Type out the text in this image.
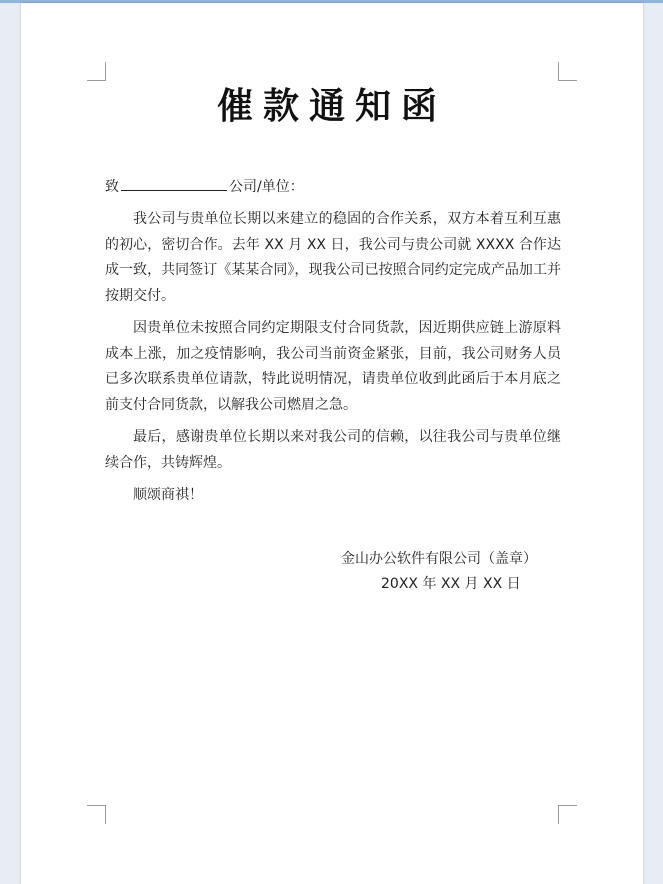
催款通知函
致	公司/单位：

我公司与贵单位长期以来建立的稳固的合作关系，双方本着互利互惠的初心，密切合作。去年 XX 月 XX 日，我公司与贵公司就 XXXX 合作达成一致，共同签订《某某合同》，现我公司已按照合同约定完成产品加工并按期交付。

因贵单位未按照合同约定期限支付合同货款，因近期供应链上游原料成本上涨，加之疫情影响，我公司当前资金紧张，目前，我公司财务人员已多次联系贵单位请款，特此说明情况，请贵单位收到此函后于本月底之前支付合同货款，以解我公司燃眉之急。

最后，感谢贵单位长期以来对我公司的信赖，以往我公司与贵单位继续合作，共铸辉煌。

顺颂商祺！

金山办公软件有限公司（盖章）
20XX 年 XX 月 XX 日
